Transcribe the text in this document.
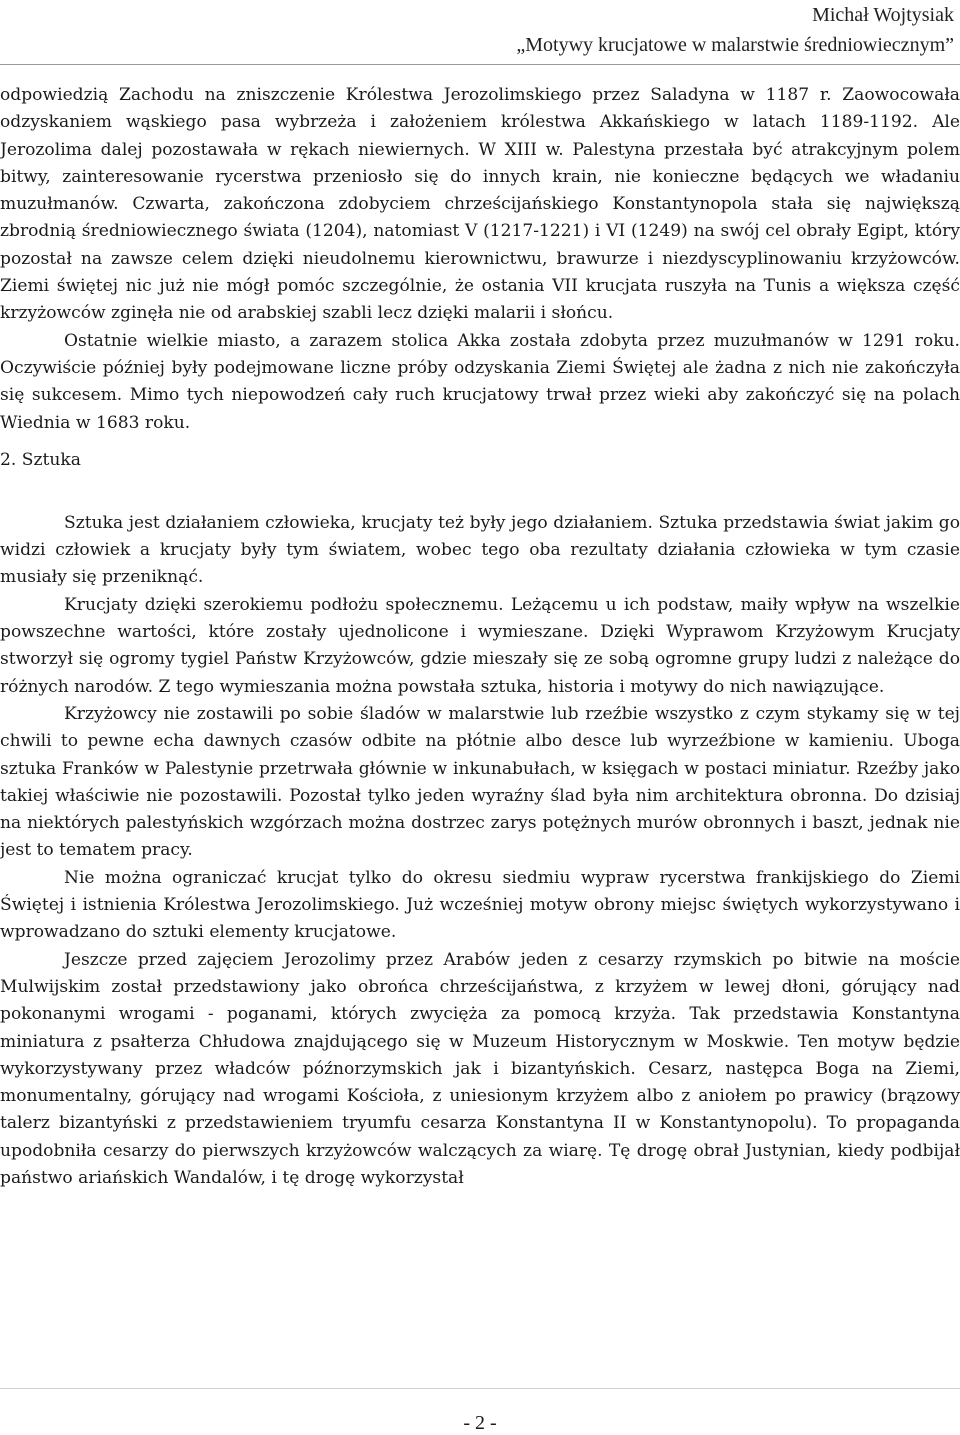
Michał Wojtysiak
„Motywy krucjatowe w malarstwie średniowiecznym”

odpowiedzią Zachodu na zniszczenie Królestwa Jerozolimskiego przez Saladyna w 1187 r. Zaowocowała odzyskaniem wąskiego pasa wybrzeża i założeniem królestwa Akkańskiego w latach 1189-1192. Ale Jerozolima dalej pozostawała w rękach niewiernych. W XIII w. Palestyna przestała być atrakcyjnym polem bitwy, zainteresowanie rycerstwa przeniosło się do innych krain, nie konieczne będących we władaniu muzułmanów. Czwarta, zakończona zdobyciem chrześcijańskiego Konstantynopola stała się największą zbrodnią średniowiecznego świata (1204), natomiast V (1217-1221) i VI (1249) na swój cel obrały Egipt, który pozostał na zawsze celem dzięki nieudolnemu kierownictwu, brawurze i niezdyscyplinowaniu krzyżowców. Ziemi świętej nic już nie mógł pomóc szczególnie, że ostania VII krucjata ruszyła na Tunis a większa część krzyżowców zginęła nie od arabskiej szabli lecz dzięki malarii i słońcu.

Ostatnie wielkie miasto, a zarazem stolica Akka została zdobyta przez muzułmanów w 1291 roku. Oczywiście później były podejmowane liczne próby odzyskania Ziemi Świętej ale żadna z nich nie zakończyła się sukcesem. Mimo tych niepowodzeń cały ruch krucjatowy trwał przez wieki aby zakończyć się na polach Wiednia w 1683 roku.

2. Sztuka

Sztuka jest działaniem człowieka, krucjaty też były jego działaniem. Sztuka przedstawia świat jakim go widzi człowiek a krucjaty były tym światem, wobec tego oba rezultaty działania człowieka w tym czasie musiały się przeniknąć.

Krucjaty dzięki szerokiemu podłożu społecznemu. Leżącemu u ich podstaw, maiły wpływ na wszelkie powszechne wartości, które zostały ujednolicone i wymieszane. Dzięki Wyprawom Krzyżowym Krucjaty stworzył się ogromy tygiel Państw Krzyżowców, gdzie mieszały się ze sobą ogromne grupy ludzi z należące do różnych narodów. Z tego wymieszania można powstała sztuka, historia i motywy do nich nawiązujące.

Krzyżowcy nie zostawili po sobie śladów w malarstwie lub rzeźbie wszystko z czym stykamy się w tej chwili to pewne echa dawnych czasów odbite na płótnie albo desce lub wyrzeźbione w kamieniu. Uboga sztuka Franków w Palestynie przetrwała głównie w inkunabułach, w księgach w postaci miniatur. Rzeźby jako takiej właściwie nie pozostawili. Pozostał tylko jeden wyraźny ślad była nim architektura obronna. Do dzisiaj na niektórych palestyńskich wzgórzach można dostrzec zarys potężnych murów obronnych i baszt, jednak nie jest to tematem pracy.

Nie można ograniczać krucjat tylko do okresu siedmiu wypraw rycerstwa frankijskiego do Ziemi Świętej i istnienia Królestwa Jerozolimskiego. Już wcześniej motyw obrony miejsc świętych wykorzystywano i wprowadzano do sztuki elementy krucjatowe.

Jeszcze przed zajęciem Jerozolimy przez Arabów jeden z cesarzy rzymskich po bitwie na moście Mulwijskim został przedstawiony jako obrońca chrześcijaństwa, z krzyżem w lewej dłoni, górujący nad pokonanymi wrogami - poganami, których zwycięża za pomocą krzyża. Tak przedstawia Konstantyna miniatura z psałterza Chłudowa znajdującego się w Muzeum Historycznym w Moskwie. Ten motyw będzie wykorzystywany przez władców późnorzymskich jak i bizantyńskich. Cesarz, następca Boga na Ziemi, monumentalny, górujący nad wrogami Kościoła, z uniesionym krzyżem albo z aniołem po prawicy (brązowy talerz bizantyński z przedstawieniem tryumfu cesarza Konstantyna II w Konstantynopolu). To propaganda upodobniła cesarzy do pierwszych krzyżowców walczących za wiarę. Tę drogę obrał Justynian, kiedy podbijał państwo ariańskich Wandalów, i tę drogę wykorzystał

- 2 -
